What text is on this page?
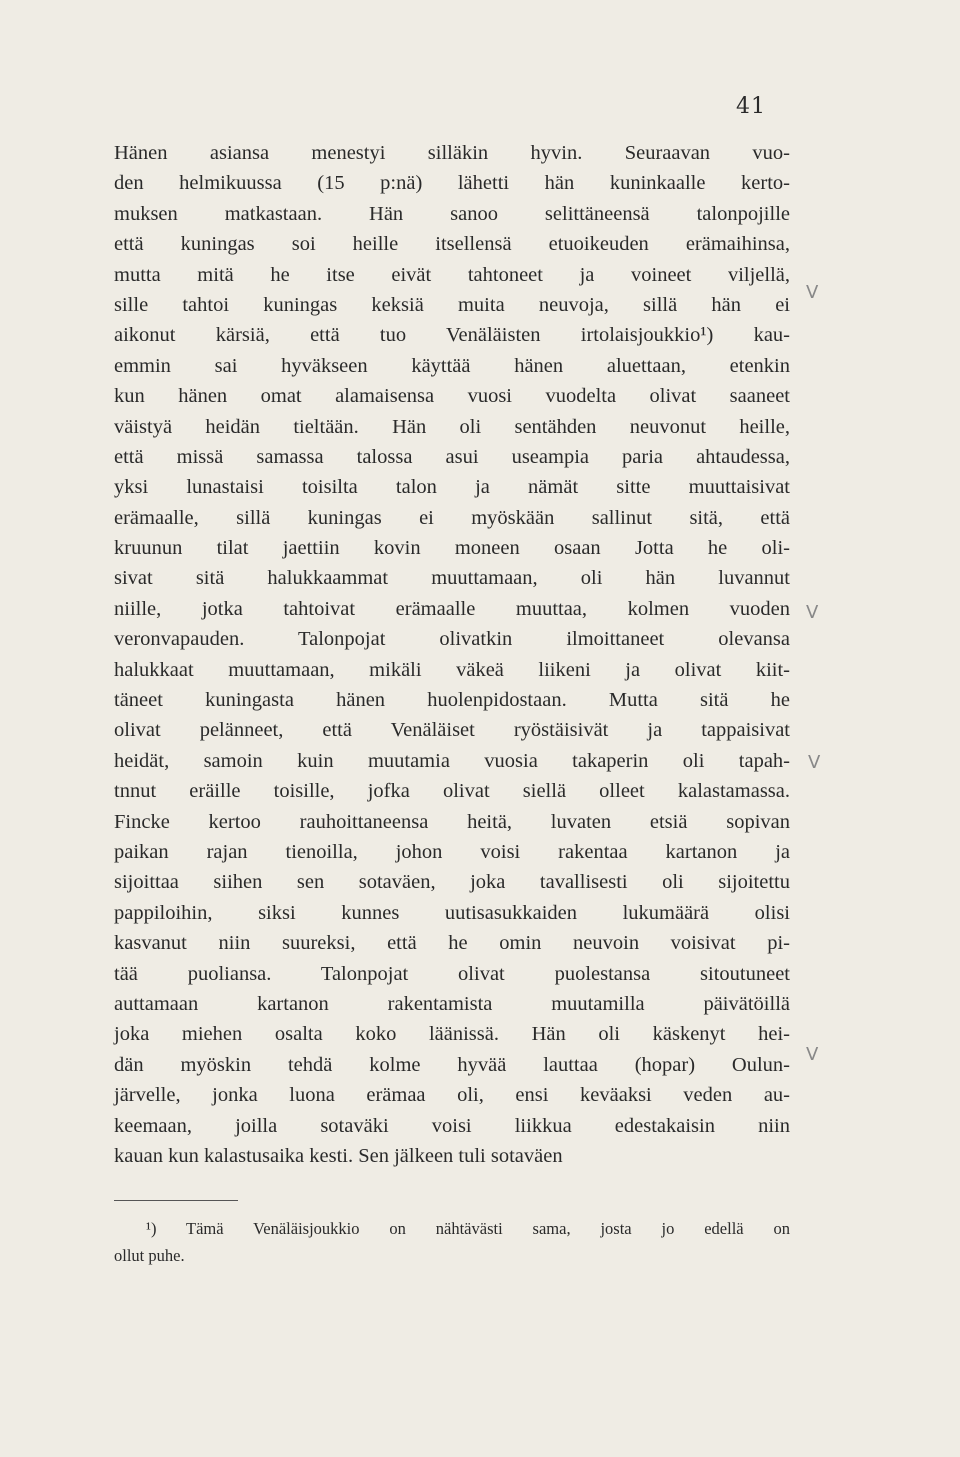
41
Hänen asiansa menestyi silläkin hyvin. Seuraavan vuo-
den helmikuussa (15 p:nä) lähetti hän kuninkaalle kerto-
muksen matkastaan. Hän sanoo selittäneensä talonpojille
että kuningas soi heille itsellensä etuoikeuden erämaihinsa,
mutta mitä he itse eivät tahtoneet ja voineet viljellä,
sille tahtoi kuningas keksiä muita neuvoja, sillä hän ei
aikonut kärsiä, että tuo Venäläisten irtolaisjoukkio¹) kau-
emmin sai hyväkseen käyttää hänen aluettaan, etenkin
kun hänen omat alamaisensa vuosi vuodelta olivat saaneet
väistyä heidän tieltään. Hän oli sentähden neuvonut heille,
että missä samassa talossa asui useampia paria ahtaudessa,
yksi lunastaisi toisilta talon ja nämät sitte muuttaisivat
erämaalle, sillä kuningas ei myöskään sallinut sitä, että
kruunun tilat jaettiin kovin moneen osaan Jotta he oli-
sivat sitä halukkaammat muuttamaan, oli hän luvannut
niille, jotka tahtoivat erämaalle muuttaa, kolmen vuoden
veronvapauden. Talonpojat olivatkin ilmoittaneet olevansa
halukkaat muuttamaan, mikäli väkeä liikeni ja olivat kiit-
täneet kuningasta hänen huolenpidostaan. Mutta sitä he
olivat pelänneet, että Venäläiset ryöstäisivät ja tappaisivat
heidät, samoin kuin muutamia vuosia takaperin oli tapah-
tnnut eräille toisille, jofka olivat siellä olleet kalastamassa.
Fincke kertoo rauhoittaneensa heitä, luvaten etsiä sopivan
paikan rajan tienoilla, johon voisi rakentaa kartanon ja
sijoittaa siihen sen sotaväen, joka tavallisesti oli sijoitettu
pappiloihin, siksi kunnes uutisasukkaiden lukumäärä olisi
kasvanut niin suureksi, että he omin neuvoin voisivat pi-
tää puoliansa. Talonpojat olivat puolestansa sitoutuneet
auttamaan kartanon rakentamista muutamilla päivätöillä
joka miehen osalta koko läänissä. Hän oli käskenyt hei-
dän myöskin tehdä kolme hyvää lauttaa (hopar) Oulun-
järvelle, jonka luona erämaa oli, ensi keväaksi veden au-
keemaan, joilla sotaväki voisi liikkua edestakaisin niin
kauan kun kalastusaika kesti. Sen jälkeen tuli sotaväen
¹) Tämä Venäläisjoukkio on nähtävästi sama, josta jo edellä on
ollut puhe.
V
V
V
V
